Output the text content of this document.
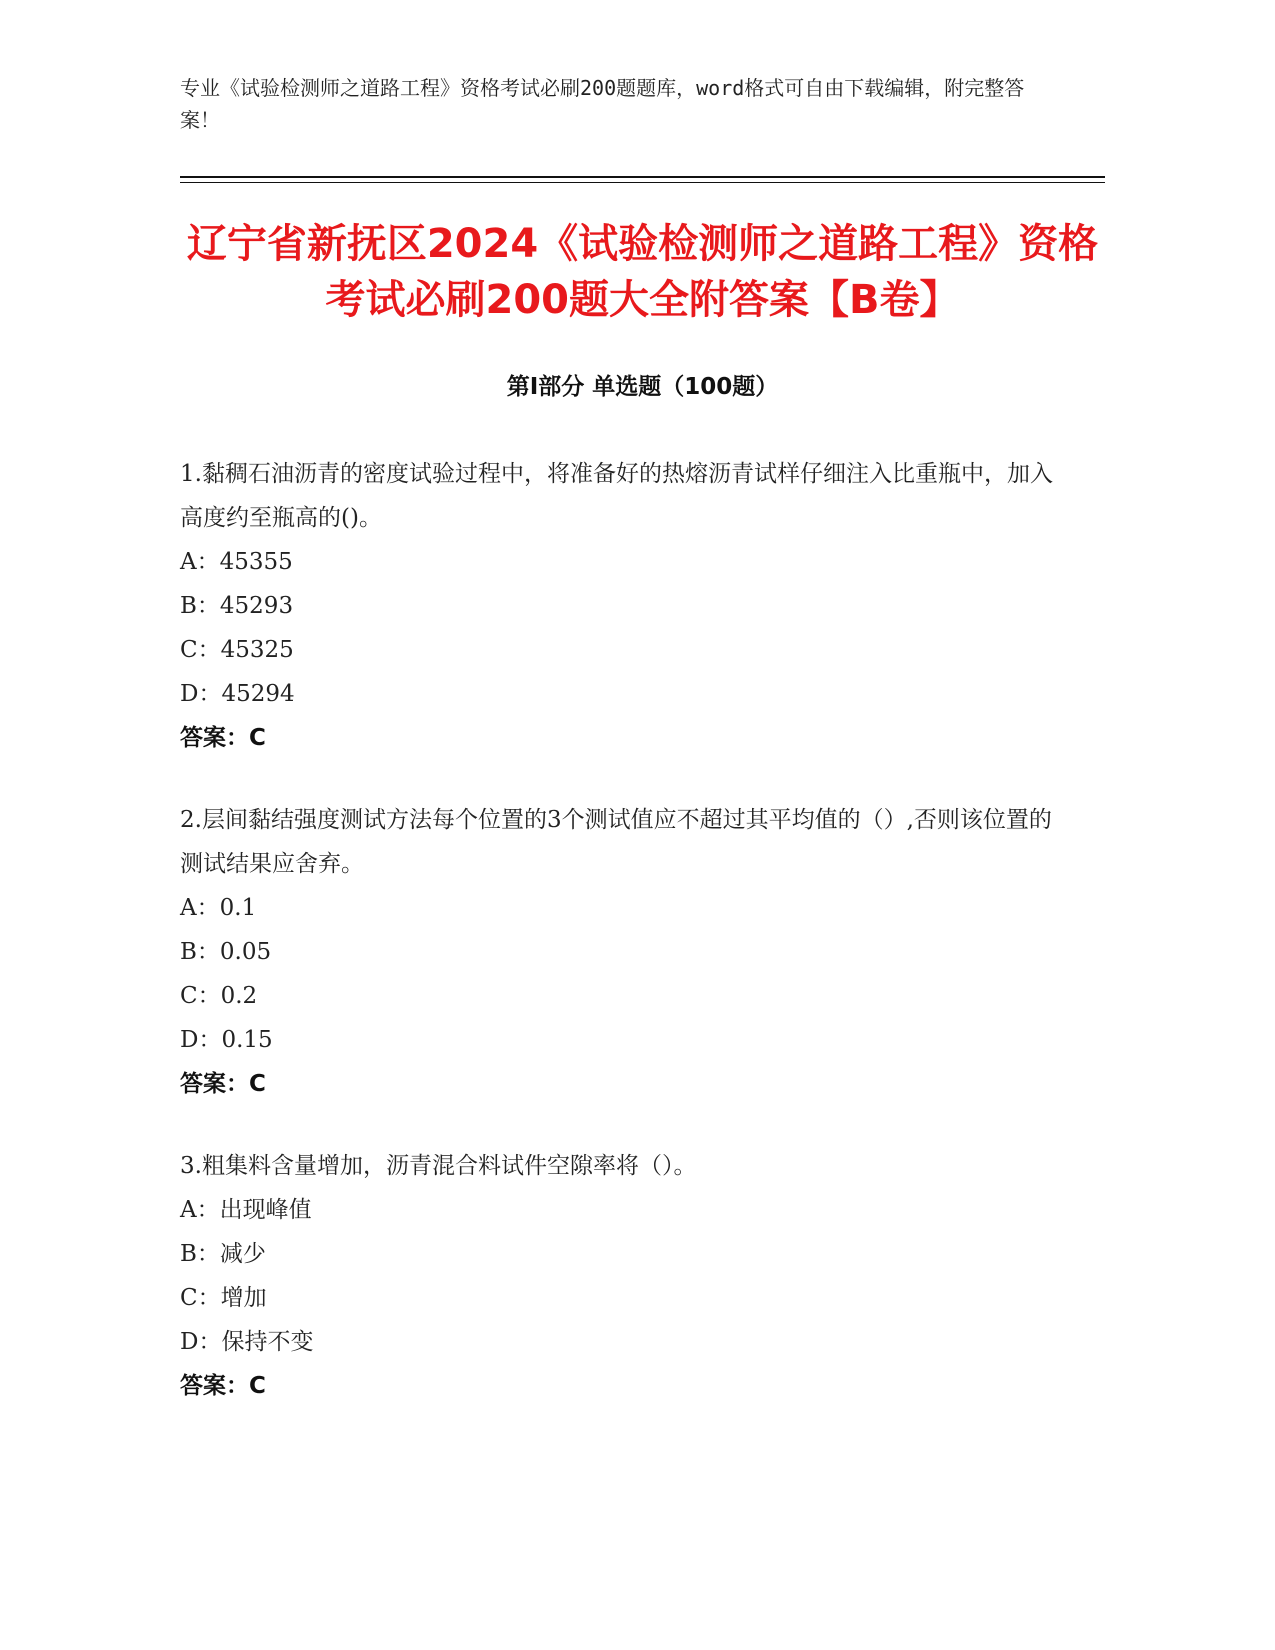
专业《试验检测师之道路工程》资格考试必刷200题题库，word格式可自由下载编辑，附完整答案！
辽宁省新抚区2024《试验检测师之道路工程》资格考试必刷200题大全附答案【B卷】
第Ⅰ部分 单选题（100题）

1.黏稠石油沥青的密度试验过程中，将准备好的热熔沥青试样仔细注入比重瓶中，加入高度约至瓶高的()。

A：45355

B：45293

C：45325

D：45294

答案：C

2.层间黏结强度测试方法每个位置的3个测试值应不超过其平均值的（）,否则该位置的测试结果应舍弃。

A：0.1

B：0.05

C：0.2

D：0.15

答案：C

3.粗集料含量增加，沥青混合料试件空隙率将（）。

A：出现峰值

B：减少

C：增加

D：保持不变

答案：C
